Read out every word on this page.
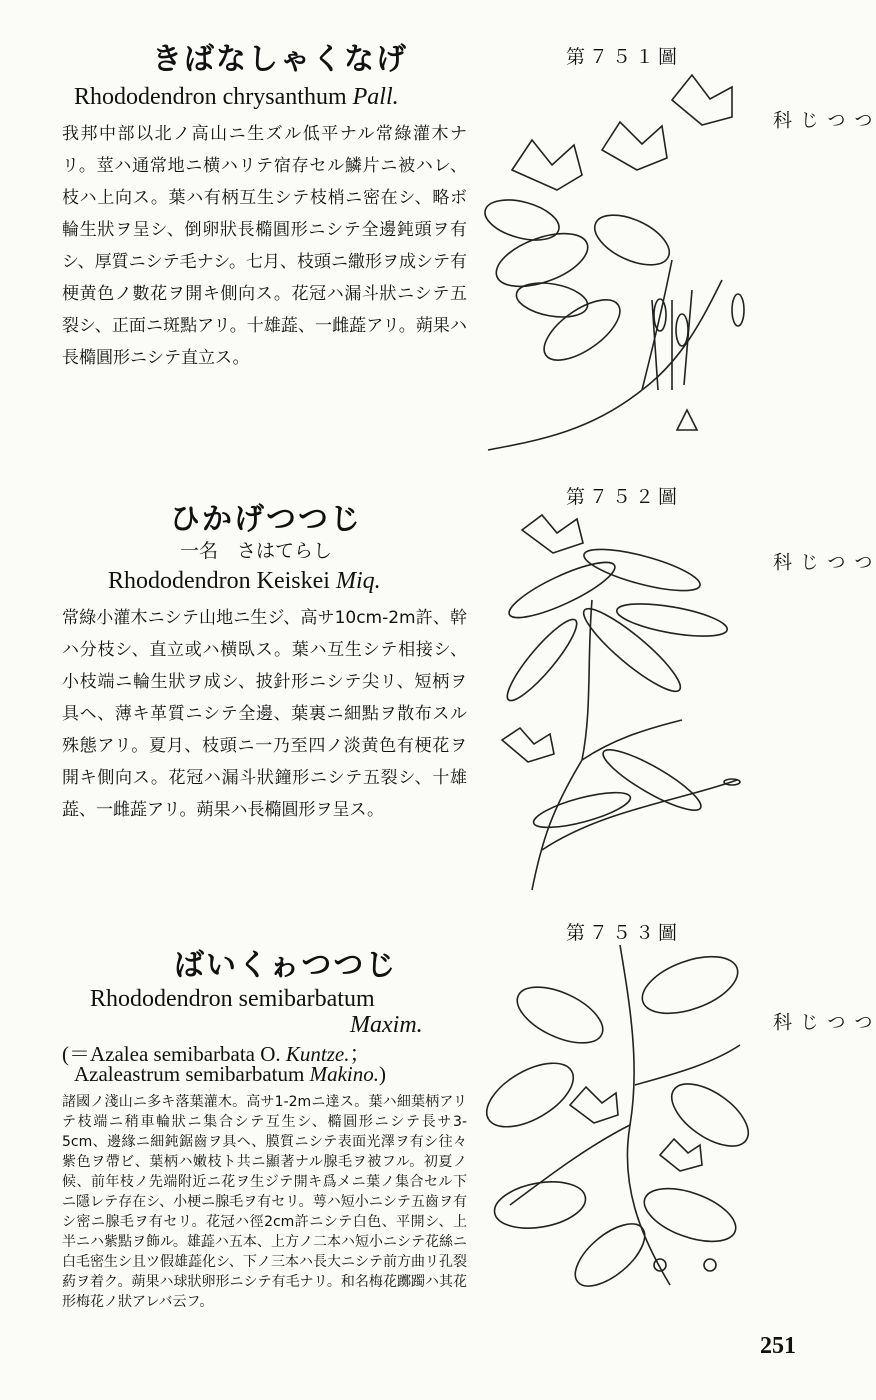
きばなしゃくなげ	第７５１圖
Rhododendron chrysanthum Pall.
我邦中部以北ノ高山ニ生ズル低平ナル常綠灌木ナリ。莖ハ通常地ニ横ハリテ宿存セル鱗片ニ被ハレ、枝ハ上向ス。葉ハ有柄互生シテ枝梢ニ密在シ、略ボ輪生狀ヲ呈シ、倒卵狀長橢圓形ニシテ全邊鈍頭ヲ有シ、厚質ニシテ毛ナシ。七月、枝頭ニ繖形ヲ成シテ有梗黄色ノ數花ヲ開キ側向ス。花冠ハ漏斗狀ニシテ五裂シ、正面ニ斑點アリ。十雄蕋、一雌蕋アリ。蒴果ハ長橢圓形ニシテ直立ス。
つつじ科
第７５２圖
ひかげつつじ
一名　さはてらし
Rhododendron Keiskei Miq.
常綠小灌木ニシテ山地ニ生ジ、高サ10cm-2m許、幹ハ分枝シ、直立或ハ横臥ス。葉ハ互生シテ相接シ、小枝端ニ輪生狀ヲ成シ、披針形ニシテ尖リ、短柄ヲ具ヘ、薄キ革質ニシテ全邊、葉裏ニ細點ヲ散布スル殊態アリ。夏月、枝頭ニ一乃至四ノ淡黄色有梗花ヲ開キ側向ス。花冠ハ漏斗狀鐘形ニシテ五裂シ、十雄蕋、一雌蕋アリ。蒴果ハ長橢圓形ヲ呈ス。
つつじ科
第７５３圖
ばいくゎつつじ
Rhododendron semibarbatum
Maxim.
(＝Azalea semibarbata O. Kuntze.；
Azaleastrum semibarbatum Makino.)
諸國ノ淺山ニ多キ落葉灌木。高サ1-2mニ達ス。葉ハ細葉柄アリテ枝端ニ稍車輪狀ニ集合シテ互生シ、橢圓形ニシテ長サ3-5cm、邊緣ニ細鈍鋸齒ヲ具ヘ、膜質ニシテ表面光澤ヲ有シ往々紫色ヲ帶ビ、葉柄ハ嫩枝ト共ニ顯著ナル腺毛ヲ被フル。初夏ノ候、前年枝ノ先端附近ニ花ヲ生ジテ開キ爲メニ葉ノ集合セル下ニ隱レテ存在シ、小梗ニ腺毛ヲ有セリ。萼ハ短小ニシテ五齒ヲ有シ密ニ腺毛ヲ有セリ。花冠ハ徑2cm許ニシテ白色、平開シ、上半ニハ紫點ヲ飾ル。雄蕋ハ五本、上方ノ二本ハ短小ニシテ花絲ニ白毛密生シ且ツ假雄蕋化シ、下ノ三本ハ長大ニシテ前方曲リ孔裂葯ヲ着ク。蒴果ハ球狀卵形ニシテ有毛ナリ。和名梅花躑躅ハ其花形梅花ノ狀アレバ云フ。
つつじ科
251
